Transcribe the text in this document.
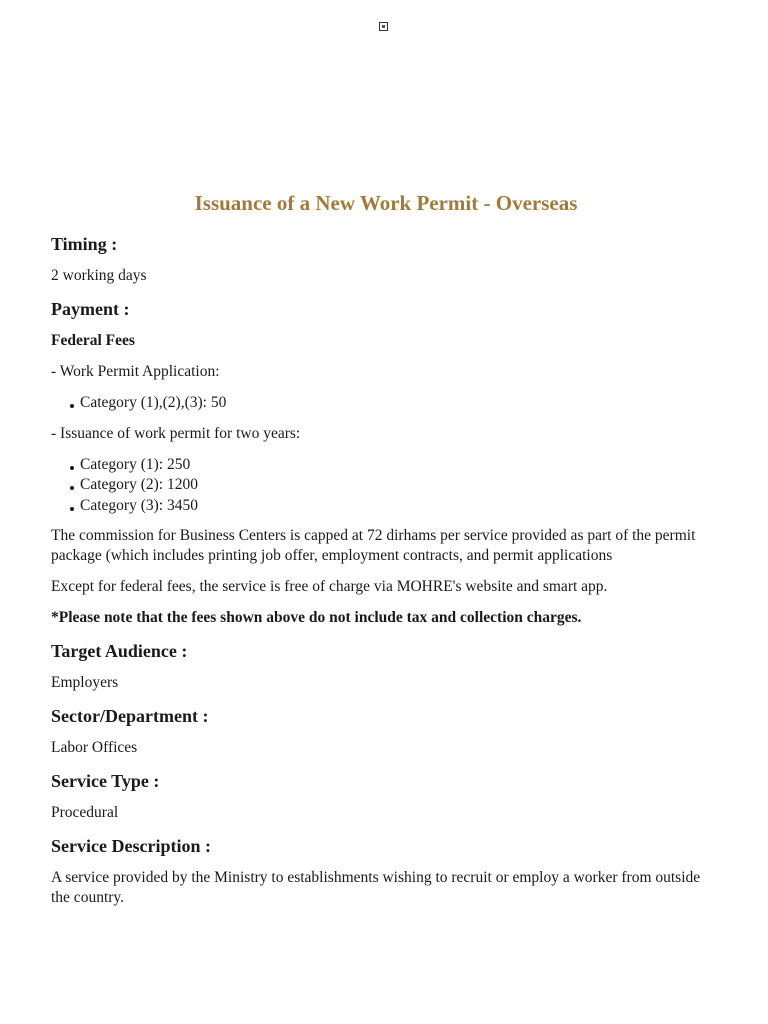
Issuance of a New Work Permit - Overseas
Timing :

2 working days

Payment :

Federal Fees

- Work Permit Application:

Category (1),(2),(3): 50

- Issuance of work permit for two years:

Category (1): 250
Category (2): 1200
Category (3): 3450

The commission for Business Centers is capped at 72 dirhams per service provided as part of the permit package (which includes printing job offer, employment contracts, and permit applications

Except for federal fees, the service is free of charge via MOHRE's website and smart app.

*Please note that the fees shown above do not include tax and collection charges.

Target Audience :

Employers

Sector/Department :

Labor Offices

Service Type :

Procedural

Service Description :

A service provided by the Ministry to establishments wishing to recruit or employ a worker from outside the country.
